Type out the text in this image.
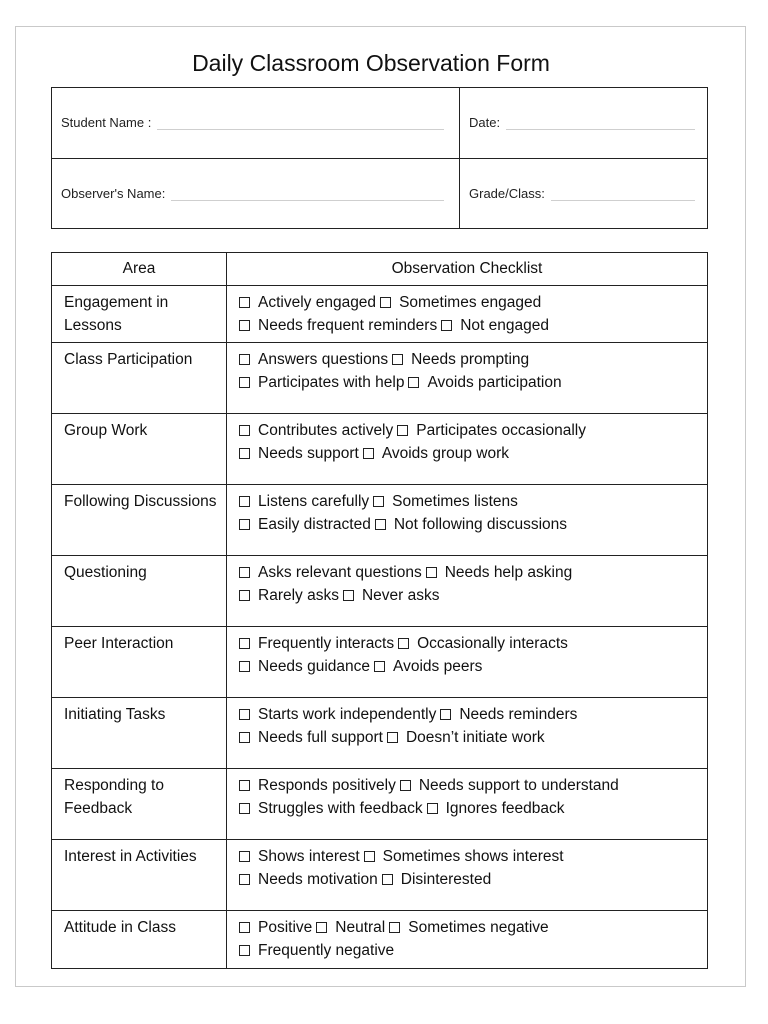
Daily Classroom Observation Form
Student Name :	Date:
Observer's Name:	Grade/Class:
Area	Observation Checklist
Engagement in Lessons	Actively engaged Sometimes engaged
Needs frequent reminders Not engaged
Class Participation	Answers questions Needs prompting
Participates with help Avoids participation
Group Work	Contributes actively Participates occasionally
Needs support Avoids group work
Following Discussions	Listens carefully Sometimes listens
Easily distracted Not following discussions
Questioning	Asks relevant questions Needs help asking
Rarely asks Never asks
Peer Interaction	Frequently interacts Occasionally interacts
Needs guidance Avoids peers
Initiating Tasks	Starts work independently Needs reminders
Needs full support Doesn’t initiate work
Responding to Feedback	Responds positively Needs support to understand
Struggles with feedback Ignores feedback
Interest in Activities	Shows interest Sometimes shows interest
Needs motivation Disinterested
Attitude in Class	Positive Neutral Sometimes negative
Frequently negative
